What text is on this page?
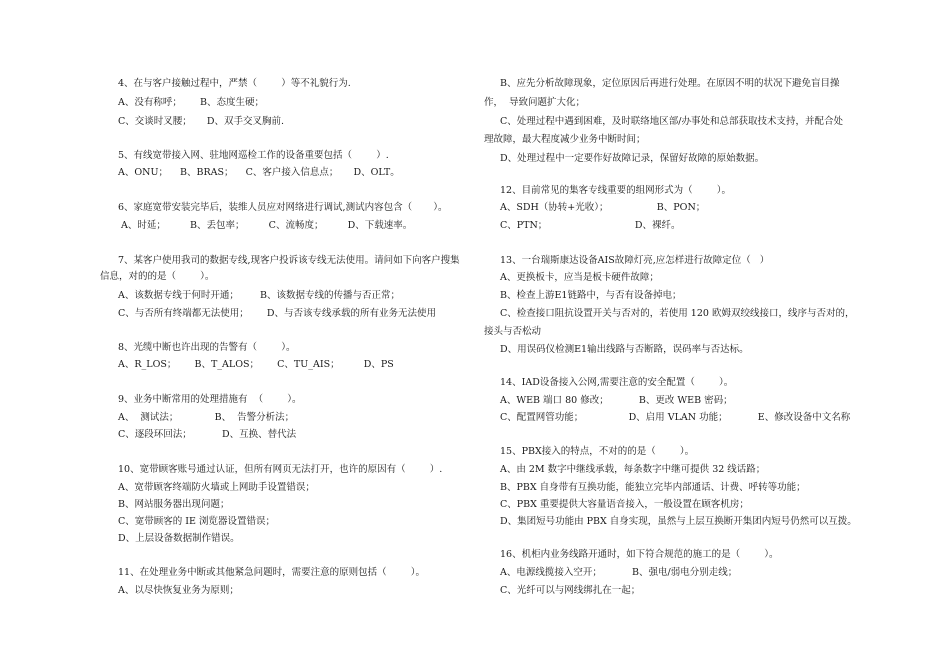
4、在与客户接触过程中，严禁（        ）等不礼貌行为.
A、没有称呼；      B、态度生硬；
C、交谈时叉腰；     D、双手交叉胸前.
5、有线宽带接入网、驻地网巡检工作的设备重要包括（        ）.
A、ONU；    B、BRAS；    C、客户接入信息点；     D、OLT。
6、家庭宽带安装完毕后，装维人员应对网络进行调试,测试内容包含（       ）。
A、时延；        B、丢包率；        C、流畅度；        D、下载速率。
7、某客户使用我司的数据专线,现客户投诉该专线无法使用。请问如下向客户搜集
信息，对的的是（        ）。
A、该数据专线于何时开通；       B、该数据专线的传播与否正常；
C、与否所有终端都无法使用；      D、与否该专线承载的所有业务无法使用
8、光缆中断也许出现的告警有（        ）。
A、R_LOS；      B、T_ALOS；      C、TU_AIS；        D、PS
9、业务中断常用的处理措施有  （        ）。
A、  测试法；            B、  告警分析法；
C、逐段环回法；          D、互换、替代法
10、宽带顾客账号通过认证，但所有网页无法打开，也许的原因有（        ）.
A、宽带顾客终端防火墙或上网助手设置错误；
B、网站服务器出现问题；
C、宽带顾客的 IE 浏览器设置错误；
D、上层设备数据制作错误。
11、在处理业务中断或其他紧急问题时，需要注意的原则包括（        ）。
A、以尽快恢复业务为原则；
B、应先分析故障现象，定位原因后再进行处理。在原因不明的状况下避免盲目操
作，  导致问题扩大化；
C、处理过程中遇到困难，及时联络地区部/办事处和总部获取技术支持，并配合处
理故障，最大程度减少业务中断时间；
D、处理过程中一定要作好故障记录，保留好故障的原始数据。
12、目前常见的集客专线重要的组网形式为（        ）。
A、SDH（协转+光收）；                B、PON；
C、PTN；                             D、裸纤。
13、一台瑞斯康达设备AIS故障灯亮,应怎样进行故障定位（   ）
A、更换板卡，应当是板卡硬件故障；
B、检查上游E1链路中，与否有设备掉电；
C、检查接口阻抗设置开关与否对的，若使用 120 欧姆双绞线接口，线序与否对的，
接头与否松动
D、用误码仪检测E1输出线路与否断路，误码率与否达标。
14、IAD设备接入公网,需要注意的安全配置（        ）。
A、WEB 端口 80 修改；          B、更改 WEB 密码；
C、配置网管功能；               D、启用 VLAN 功能；          E、修改设备中文名称
15、PBX接入的特点，不对的的是（        ）。
A、由 2M 数字中继线承载，每条数字中继可提供 32 线话路；
B、PBX 自身带有互换功能，能独立完毕内部通话、计费、呼转等功能；
C、PBX 重要提供大容量语音接入，一般设置在顾客机房；
D、集团短号功能由 PBX 自身实现，虽然与上层互换断开集团内短号仍然可以互拨。
16、机柜内业务线路开通时，如下符合规范的施工的是（        ）。
A、电源线揽接入空开；          B、强电/弱电分别走线；
C、光纤可以与网线绑扎在一起；
